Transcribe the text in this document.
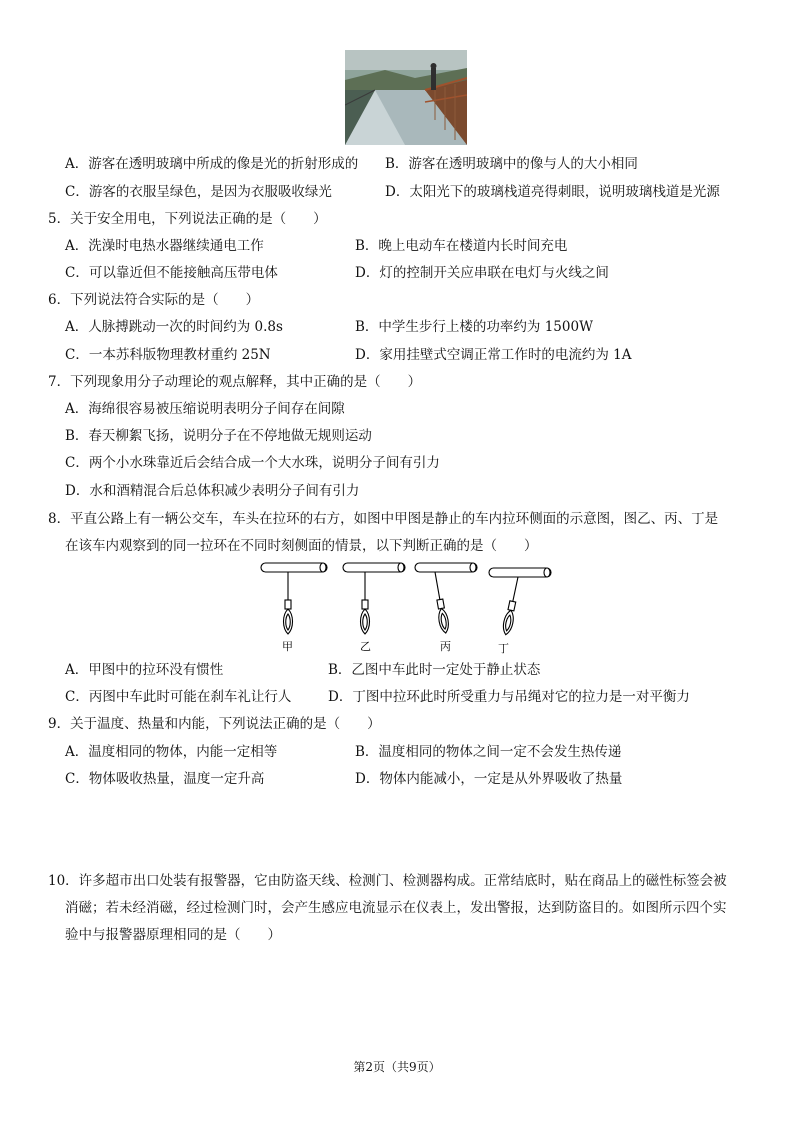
A．游客在透明玻璃中所成的像是光的折射形成的 B．游客在透明玻璃中的像与人的大小相同
C．游客的衣服呈绿色，是因为衣服吸收绿光	D．太阳光下的玻璃栈道亮得刺眼，说明玻璃栈道是光源
5．关于安全用电，下列说法正确的是（　　）
A．洗澡时电热水器继续通电工作	B．晚上电动车在楼道内长时间充电
C．可以靠近但不能接触高压带电体	D．灯的控制开关应串联在电灯与火线之间
6．下列说法符合实际的是（　　）
A．人脉搏跳动一次的时间约为 0.8s	B．中学生步行上楼的功率约为 1500W
C．一本苏科版物理教材重约 25N	D．家用挂壁式空调正常工作时的电流约为 1A
7．下列现象用分子动理论的观点解释，其中正确的是（　　）
A．海绵很容易被压缩说明表明分子间存在间隙
B．春天柳絮飞扬，说明分子在不停地做无规则运动
C．两个小水珠靠近后会结合成一个大水珠，说明分子间有引力
D．水和酒精混合后总体积减少表明分子间有引力
8．平直公路上有一辆公交车，车头在拉环的右方，如图中甲图是静止的车内拉环侧面的示意图，图乙、丙、丁是
在该车内观察到的同一拉环在不同时刻侧面的情景，以下判断正确的是（　　）
甲	乙	丙	丁
A．甲图中的拉环没有惯性	B．乙图中车此时一定处于静止状态
C．丙图中车此时可能在刹车礼让行人	D．丁图中拉环此时所受重力与吊绳对它的拉力是一对平衡力
9．关于温度、热量和内能，下列说法正确的是（　　）
A．温度相同的物体，内能一定相等	B．温度相同的物体之间一定不会发生热传递
C．物体吸收热量，温度一定升高	D．物体内能减小，一定是从外界吸收了热量
10．许多超市出口处装有报警器，它由防盗天线、检测门、检测器构成。正常结底时，贴在商品上的磁性标签会被
消磁；若未经消磁，经过检测门时，会产生感应电流显示在仪表上，发出警报，达到防盗目的。如图所示四个实
验中与报警器原理相同的是（　　）
第2页（共9页）
